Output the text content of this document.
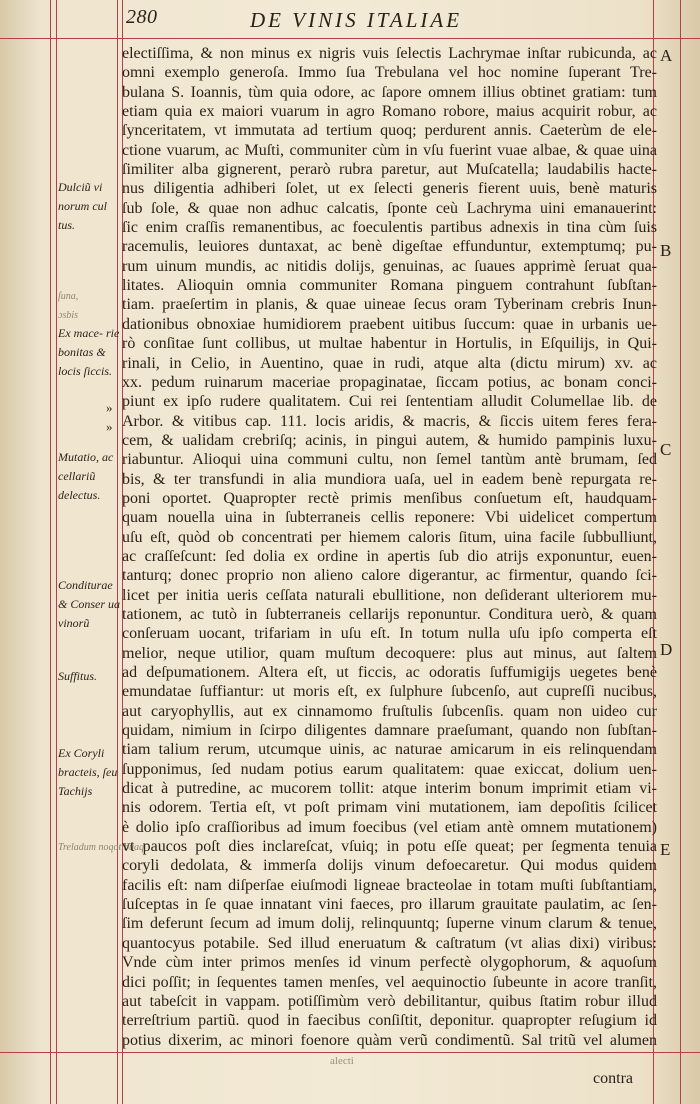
280	DE VINIS ITALIAE
A
B
C
D
E
Dulciũ vi norum cul tus.
ſuna,
ɔsbis
Ex mace- rie bonitas & locis ſiccis.
»
»
Mutatio, ac cellariũ delectus.
Conditurae & Conser ua vinorũ
Suffitus.
Ex Coryli bracteis, ſeu Tachijs
Treladum noqotibuaq
electiſſima, & non minus ex nigris vuis ſelectis Lachrymae inſtar rubicunda, ac
omni exemplo generoſa. Immo ſua Trebulana vel hoc nomine ſuperant Tre-
bulana S. Ioannis, tùm quia odore, ac ſapore omnem illius obtinet gratiam: tum
etiam quia ex maiori vuarum in agro Romano robore, maius acquirit robur, ac
ſynceritatem, vt immutata ad tertium quoq; perdurent annis. Caeterùm de ele-
ctione vuarum, ac Muſti, communiter cùm in vſu fuerint vuae albae, & quae uina
ſimiliter alba gignerent, perarò rubra paretur, aut Muſcatella; laudabilis hacte-
nus diligentia adhiberi ſolet, ut ex ſelecti generis fierent uuis, benè maturis
ſub ſole, & quae non adhuc calcatis, ſponte ceù Lachryma uini emanauerint:
ſic enim craſſis remanentibus, ac foeculentis partibus adnexis in tina cùm ſuis
racemulis, leuiores duntaxat, ac benè digeſtae effunduntur, extemptumq; pu-
rum uinum mundis, ac nitidis dolijs, genuinas, ac ſuaues apprimè ſeruat qua-
litates. Alioquin omnia communiter Romana pinguem contrahunt ſubſtan-
tiam. praeſertim in planis, & quae uineae ſecus oram Tyberinam crebris Inun-
dationibus obnoxiae humidiorem praebent uitibus ſuccum: quae in urbanis ue-
rò conſitae ſunt collibus, ut multae habentur in Hortulis, in Eſquilijs, in Qui-
rinali, in Celio, in Auentino, quae in rudi, atque alta (dictu mirum) xv. ac
xx. pedum ruinarum maceriae propaginatae, ſiccam potius, ac bonam conci-
piunt ex ipſo rudere qualitatem. Cui rei ſententiam alludit Columellae lib. de
Arbor. & vitibus cap. 111. locis aridis, & macris, & ſiccis uitem feres fera-
cem, & ualidam crebriſq; acinis, in pingui autem, & humido pampinis luxu-
riabuntur. Alioqui uina communi cultu, non ſemel tantùm antè brumam, ſed
bis, & ter transfundi in alia mundiora uaſa, uel in eadem benè repurgata re-
poni oportet. Quapropter rectè primis menſibus conſuetum eſt, haudquam-
quam nouella uina in ſubterraneis cellis reponere: Vbi uidelicet compertum
uſu eſt, quòd ob concentrati per hiemem caloris ſitum, uina facile ſubbulliunt,
ac craſſeſcunt: ſed dolia ex ordine in apertis ſub dio atrijs exponuntur, euen-
tanturq; donec proprio non alieno calore digerantur, ac firmentur, quando ſci-
licet per initia ueris ceſſata naturali ebullitione, non deſiderant ulteriorem mu-
tationem, ac tutò in ſubterraneis cellarijs reponuntur. Conditura uerò, & quam
conſeruam uocant, trifariam in uſu eſt. In totum nulla uſu ipſo comperta eſt
melior, neque utilior, quam muſtum decoquere: plus aut minus, aut ſaltem
ad deſpumationem. Altera eſt, ut ficcis, ac odoratis ſuffumigijs uegetes benè
emundatae ſuffiantur: ut moris eſt, ex ſulphure ſubcenſo, aut cupreſſi nucibus,
aut caryophyllis, aut ex cinnamomo fruſtulis ſubcenſis. quam non uideo cur
quidam, nimium in ſcirpo diligentes damnare praeſumant, quando non ſubſtan-
tiam talium rerum, utcumque uinis, ac naturae amicarum in eis relinquendam
ſupponimus, ſed nudam potius earum qualitatem: quae exiccat, dolium uen-
dicat à putredine, ac mucorem tollit: atque interim bonum imprimit etiam vi-
nis odorem. Tertia eſt, vt poſt primam vini mutationem, iam depoſitis ſcilicet
è dolio ipſo craſſioribus ad imum foecibus (vel etiam antè omnem mutationem)
vt paucos poſt dies inclareſcat, vſuiq; in potu eſſe queat; per ſegmenta tenuia
coryli dedolata, & immerſa dolijs vinum defoecaretur. Qui modus quidem
facilis eſt: nam diſperſae eiuſmodi ligneae bracteolae in totam muſti ſubſtantiam,
ſuſceptas in ſe quae innatant vini faeces, pro illarum grauitate paulatim, ac ſen-
ſim deferunt ſecum ad imum dolij, relinquuntq; ſuperne vinum clarum & tenue,
quantocyus potabile. Sed illud eneruatum & caſtratum (vt alias dixi) viribus:
Vnde cùm inter primos menſes id vinum perfectè olygophorum, & aquoſum
dici poſſit; in ſequentes tamen menſes, vel aequinoctio ſubeunte in acore tranſit,
aut tabeſcit in vappam. potiſſimùm verò debilitantur, quibus ſtatim robur illud
terreſtrium partiũ. quod in faecibus conſiſtit, deponitur. quapropter reſugium id
potius dixerim, ac minori foenore quàm verũ condimentũ. Sal tritũ vel alumen
contra
alecti
